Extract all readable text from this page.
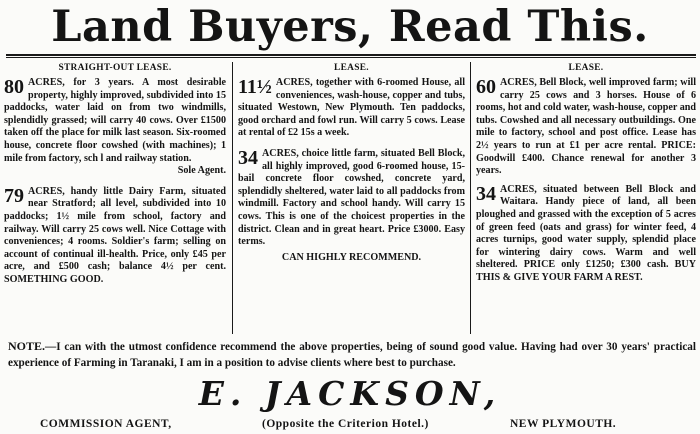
Land Buyers, Read This.
STRAIGHT-OUT LEASE.

80 ACRES, for 3 years. A most desirable property, highly improved, subdivided into 15 paddocks, water laid on from two windmills, splendidly grassed; will carry 40 cows. Over £1500 taken off the place for milk last season. Six-roomed house, concrete floor cowshed (with machines); 1 mile from factory, sch l and railway station.

Sole Agent.

79 ACRES, handy little Dairy Farm, situated near Stratford; all level, subdivided into 10 paddocks; 1½ mile from school, factory and railway. Will carry 25 cows well. Nice Cottage with conveniences; 4 rooms. Soldier's farm; selling on account of continual ill-health. Price, only £45 per acre, and £500 cash; balance 4½ per cent. SOMETHING GOOD.

LEASE.

11½ ACRES, together with 6-roomed House, all conveniences, wash-house, copper and tubs, situated Westown, New Plymouth. Ten paddocks, good orchard and fowl run. Will carry 5 cows. Lease at rental of £2 15s a week.

34 ACRES, choice little farm, situated Bell Block, all highly improved, good 6-roomed house, 15-bail concrete floor cowshed, concrete yard, splendidly sheltered, water laid to all paddocks from windmill. Factory and school handy. Will carry 15 cows. This is one of the choicest properties in the district. Clean and in great heart. Price £3000. Easy terms.

CAN HIGHLY RECOMMEND.

LEASE.

60 ACRES, Bell Block, well improved farm; will carry 25 cows and 3 horses. House of 6 rooms, hot and cold water, wash-house, copper and tubs. Cowshed and all necessary outbuildings. One mile to factory, school and post office. Lease has 2½ years to run at £1 per acre rental. PRICE: Goodwill £400. Chance renewal for another 3 years.

34 ACRES, situated between Bell Block and Waitara. Handy piece of land, all been ploughed and grassed with the exception of 5 acres of green feed (oats and grass) for winter feed, 4 acres turnips, good water supply, splendid place for wintering dairy cows. Warm and well sheltered. PRICE only £1250; £300 cash. BUY THIS & GIVE YOUR FARM A REST.

NOTE.—I can with the utmost confidence recommend the above properties, being of sound good value. Having had over 30 years' practical experience of Farming in Taranaki, I am in a position to advise clients where best to purchase.
E. JACKSON,
COMMISSION AGENT,	(Opposite the Criterion Hotel.)	NEW PLYMOUTH.
